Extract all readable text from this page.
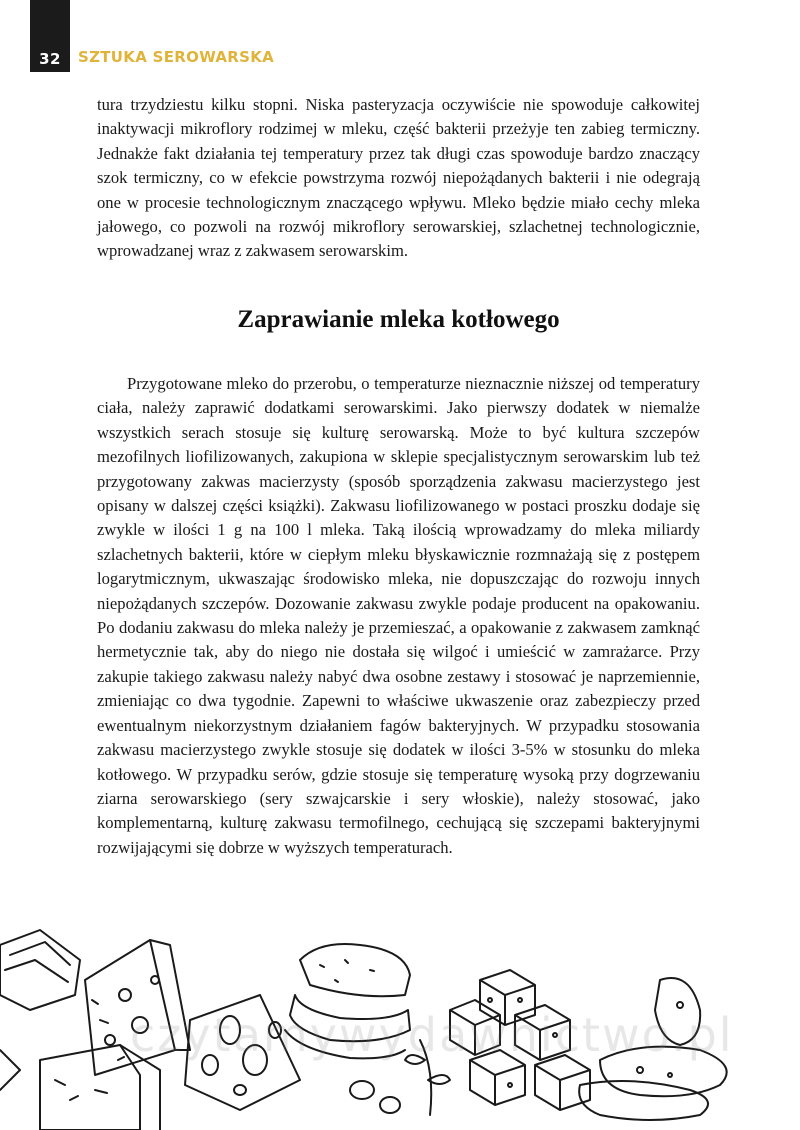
32 SZTUKA SEROWARSKA

tura trzydziestu kilku stopni. Niska pasteryzacja oczywiście nie spowoduje całkowitej inaktywacji mikroflory rodzimej w mleku, część bakterii przeżyje ten zabieg termiczny. Jednakże fakt działania tej temperatury przez tak długi czas spowoduje bardzo znaczący szok termiczny, co w efekcie powstrzyma rozwój niepożądanych bakterii i nie odegrają one w procesie technologicznym znaczącego wpływu. Mleko będzie miało cechy mleka jałowego, co pozwoli na rozwój mikroflory serowarskiej, szlachetnej technologicznie, wprowadzanej wraz z zakwasem serowarskim.

Zaprawianie mleka kotłowego

Przygotowane mleko do przerobu, o temperaturze nieznacznie niższej od temperatury ciała, należy zaprawić dodatkami serowarskimi. Jako pierwszy dodatek w niemalże wszystkich serach stosuje się kulturę serowarską. Może to być kultura szczepów mezofilnych liofilizowanych, zakupiona w sklepie specjalistycznym serowarskim lub też przygotowany zakwas macierzysty (sposób sporządzenia zakwasu macierzystego jest opisany w dalszej części książki). Zakwasu liofilizowanego w postaci proszku dodaje się zwykle w ilości 1 g na 100 l mleka. Taką ilością wprowadzamy do mleka miliardy szlachetnych bakterii, które w ciepłym mleku błyskawicznie rozmnażają się z postępem logarytmicznym, ukwaszając środowisko mleka, nie dopuszczając do rozwoju innych niepożądanych szczepów. Dozowanie zakwasu zwykle podaje producent na opakowaniu. Po dodaniu zakwasu do mleka należy je przemieszać, a opakowanie z zakwasem zamknąć hermetycznie tak, aby do niego nie dostała się wilgoć i umieścić w zamrażarce. Przy zakupie takiego zakwasu należy nabyć dwa osobne zestawy i stosować je naprzemiennie, zmieniając co dwa tygodnie. Zapewni to właściwe ukwaszenie oraz zabezpieczy przed ewentualnym niekorzystnym działaniem fagów bakteryjnych. W przypadku stosowania zakwasu macierzystego zwykle stosuje się dodatek w ilości 3-5% w stosunku do mleka kotłowego. W przypadku serów, gdzie stosuje się temperaturę wysoką przy dogrzewaniu ziarna serowarskiego (sery szwajcarskie i sery włoskie), należy stosować, jako komplementarną, kulturę zakwasu termofilnego, cechującą się szczepami bakteryjnymi rozwijającymi się dobrze w wyższych temperaturach.

czytamywydawnictwo.pl
